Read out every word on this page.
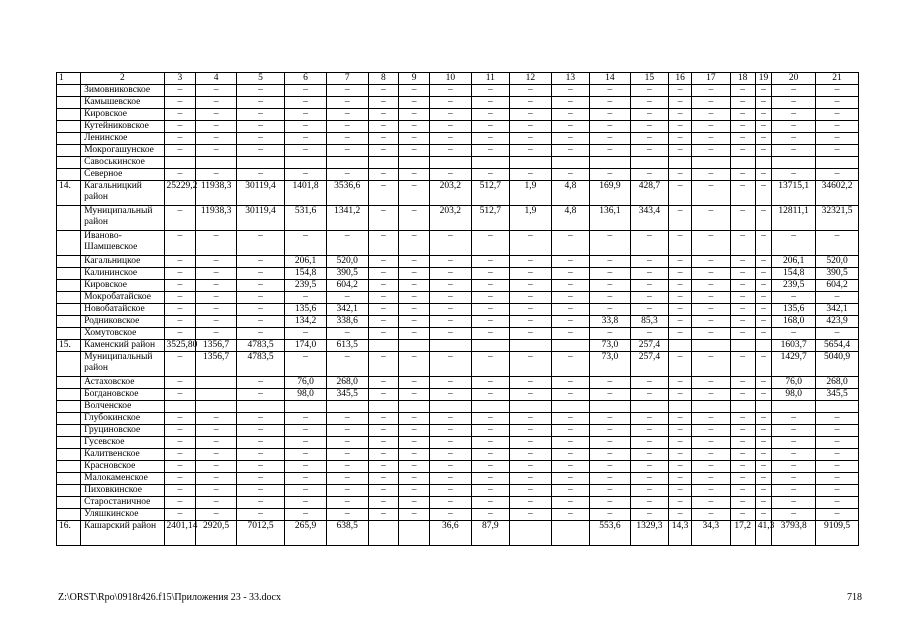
1	2	3	4	5	6	7	8	9	10	11	12	13	14	15	16	17	18	19	20	21
	Зимовниковское	–	–	–	–	–	–	–	–	–	–	–	–	–	–	–	–	–	–	–
	Камышевское	–	–	–	–	–	–	–	–	–	–	–	–	–	–	–	–	–	–	–
	Кировское	–	–	–	–	–	–	–	–	–	–	–	–	–	–	–	–	–	–	–
	Кутейниковское	–	–	–	–	–	–	–	–	–	–	–	–	–	–	–	–	–	–	–
	Ленинское	–	–	–	–	–	–	–	–	–	–	–	–	–	–	–	–	–	–	–
	Мокрогашунское	–	–	–	–	–	–	–	–	–	–	–	–	–	–	–	–	–	–	–
	Савоськинское																			
	Северное	–	–	–	–	–	–	–	–	–	–	–	–	–	–	–	–	–	–	–
14.	Кагальницкий район	25229,2	11938,3	30119,4	1401,8	3536,6	–	–	203,2	512,7	1,9	4,8	169,9	428,7	–	–	–	–	13715,1	34602,2
	Муниципальный район	–	11938,3	30119,4	531,6	1341,2	–	–	203,2	512,7	1,9	4,8	136,1	343,4	–	–	–	–	12811,1	32321,5
	Иваново-Шамшевское	–	–	–	–	–	–	–	–	–	–	–	–	–	–	–	–	–	–	–
	Кагальницкое	–	–	–	206,1	520,0	–	–	–	–	–	–	–	–	–	–	–	–	206,1	520,0
	Калининское	–	–	–	154,8	390,5	–	–	–	–	–	–	–	–	–	–	–	–	154,8	390,5
	Кировское	–	–	–	239,5	604,2	–	–	–	–	–	–	–	–	–	–	–	–	239,5	604,2
	Мокробатайское	–	–	–	–	–	–	–	–	–	–	–	–	–	–	–	–	–	–	–
	Новобатайское	–	–	–	135,6	342,1	–	–	–	–	–	–	–	–	–	–	–	–	135,6	342,1
	Родниковское	–	–	–	134,2	338,6	–	–	–	–	–	–	33,8	85,3	–	–	–	–	168,0	423,9
	Хомутовское	–	–	–	–	–	–	–	–	–	–	–	–	–	–	–	–	–	–	–
15.	Каменский район	3525,80	1356,7	4783,5	174,0	613,5							73,0	257,4					1603,7	5654,4
	Муниципальный район	–	1356,7	4783,5	–	–	–	–	–	–	–	–	73,0	257,4	–	–	–	–	1429,7	5040,9
	Астаховское	–		–	76,0	268,0	–	–	–	–	–	–	–	–	–	–	–	–	76,0	268,0
	Богдановское	–		–	98,0	345,5	–	–	–	–	–	–	–	–	–	–	–	–	98,0	345,5
	Волченское																			
	Глубокинское	–	–	–	–	–	–	–	–	–	–	–	–	–	–	–	–	–	–	–
	Груциновское	–	–	–	–	–	–	–	–	–	–	–	–	–	–	–	–	–	–	–
	Гусевское	–	–	–	–	–	–	–	–	–	–	–	–	–	–	–	–	–	–	–
	Калитвенское	–	–	–	–	–	–	–	–	–	–	–	–	–	–	–	–	–	–	–
	Красновское	–	–	–	–	–	–	–	–	–	–	–	–	–	–	–	–	–	–	–
	Малокаменское	–	–	–	–	–	–	–	–	–	–	–	–	–	–	–	–	–	–	–
	Пиховкинское	–	–	–	–	–	–	–	–	–	–	–	–	–	–	–	–	–	–	–
	Старостаничное	–	–	–	–	–	–	–	–	–	–	–	–	–	–	–	–	–	–	–
	Уляшкинское	–	–	–	–	–	–	–	–	–	–	–	–	–	–	–	–	–	–	–
16.	Кашарский район	2401,14	2920,5	7012,5	265,9	638,5			36,6	87,9			553,6	1329,3	14,3	34,3	17,2	41,3	3793,8	9109,5
Z:\ORST\Rpo\0918r426.f15\Приложения 23 - 33.docx	718
